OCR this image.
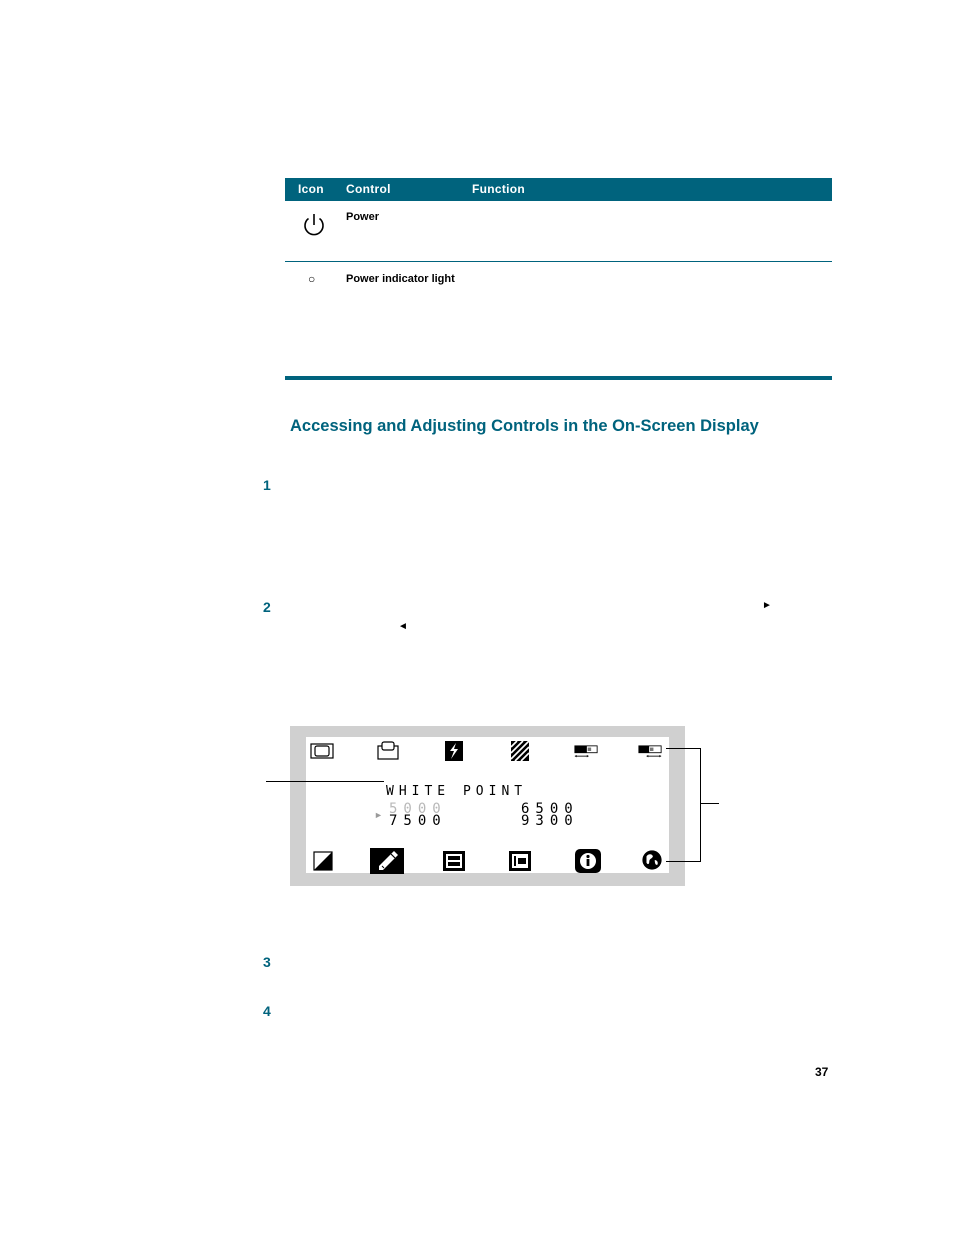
Icon Control	Function
Power
○	Power indicator light
Accessing and Adjusting Controls in the On-Screen Display
1
2	►
◄
WHITE POINT
► 5000	6500
7500	9300
3
4
37
